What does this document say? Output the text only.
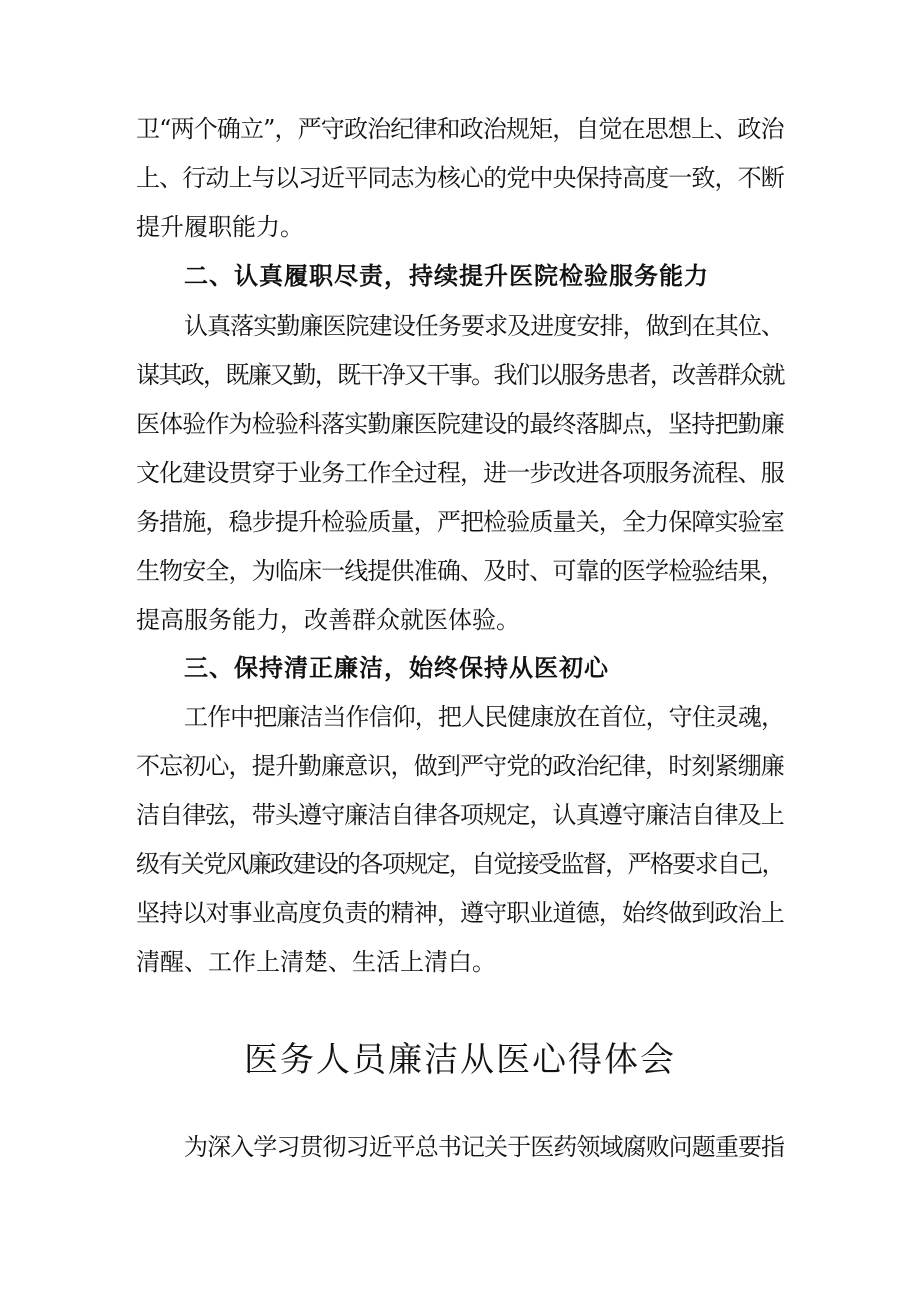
卫“两个确立”，严守政治纪律和政治规矩，自觉在思想上、政治
上、行动上与以习近平同志为核心的党中央保持高度一致，不断
提升履职能力。
二、认真履职尽责，持续提升医院检验服务能力
认真落实勤廉医院建设任务要求及进度安排，做到在其位、
谋其政，既廉又勤，既干净又干事。我们以服务患者，改善群众就
医体验作为检验科落实勤廉医院建设的最终落脚点，坚持把勤廉
文化建设贯穿于业务工作全过程，进一步改进各项服务流程、服
务措施，稳步提升检验质量，严把检验质量关，全力保障实验室
生物安全，为临床一线提供准确、及时、可靠的医学检验结果，
提高服务能力，改善群众就医体验。
三、保持清正廉洁，始终保持从医初心
工作中把廉洁当作信仰，把人民健康放在首位，守住灵魂，
不忘初心，提升勤廉意识，做到严守党的政治纪律，时刻紧绷廉
洁自律弦，带头遵守廉洁自律各项规定，认真遵守廉洁自律及上
级有关党风廉政建设的各项规定，自觉接受监督，严格要求自己，
坚持以对事业高度负责的精神，遵守职业道德，始终做到政治上
清醒、工作上清楚、生活上清白。
医务人员廉洁从医心得体会
为深入学习贯彻习近平总书记关于医药领域腐败问题重要指
